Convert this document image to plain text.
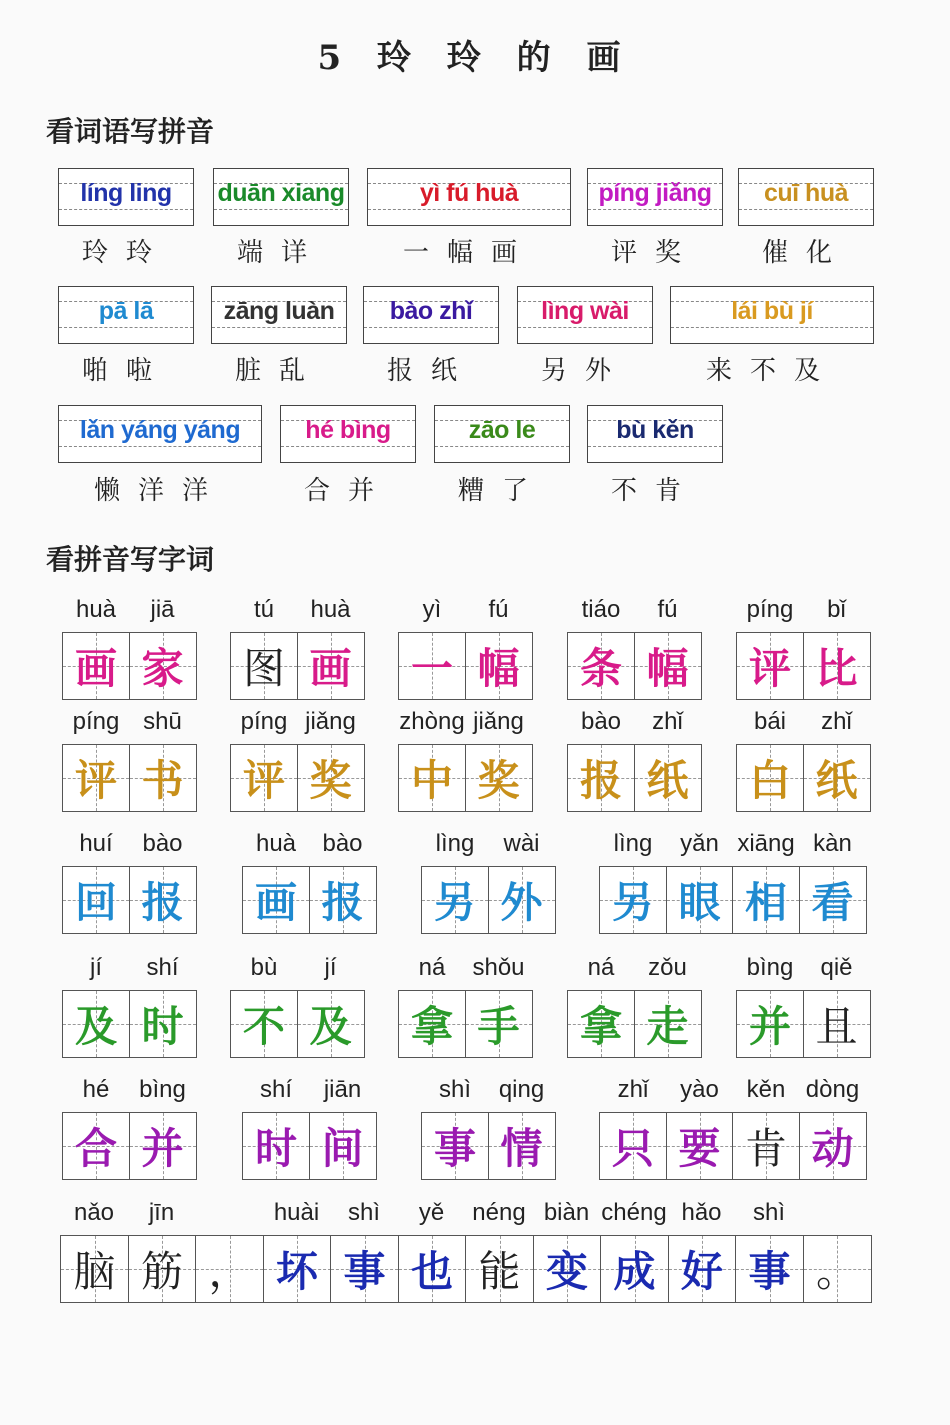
5 玲 玲 的 画
看词语写拼音
看拼音写字词
líng ling
玲玲
duān xiang
端详
yì fú huà
一幅画
píng jiǎng
评奖
cuī huà
催化
pā lā
啪啦
zāng luàn
脏乱
bào zhǐ
报纸
lìng wài
另外
lái bù jí
来不及
lǎn yáng yáng
懒洋洋
hé bìng
合并
zāo le
糟了
bù kěn
不肯
huà	jiā
画 家
tú	huà
图 画
yì	fú
一 幅
tiáo	fú
条 幅
píng	bǐ
评 比
píng shū
评 书
píng jiǎng
评 奖
zhòng jiǎng
中 奖
bào	zhǐ
报 纸
bái	zhǐ
白 纸
huí	bào
回 报
huà	bào
画 报
lìng	wài
另 外
lìng	yǎn xiāng kàn
另 眼 相 看
jí	shí
及 时
bù	jí
不 及
ná	shǒu
拿 手
ná	zǒu
拿 走
bìng	qiě
并 且
hé	bìng
合 并
shí	jiān
时 间
shì	qing
事 情
zhǐ	yào	kěn dòng
只 要 肯 动
nǎo	jīn	huài	shì	yě	néng biàn chéng hǎo	shì
脑 筋 ， 坏 事 也 能 变 成 好 事 。
